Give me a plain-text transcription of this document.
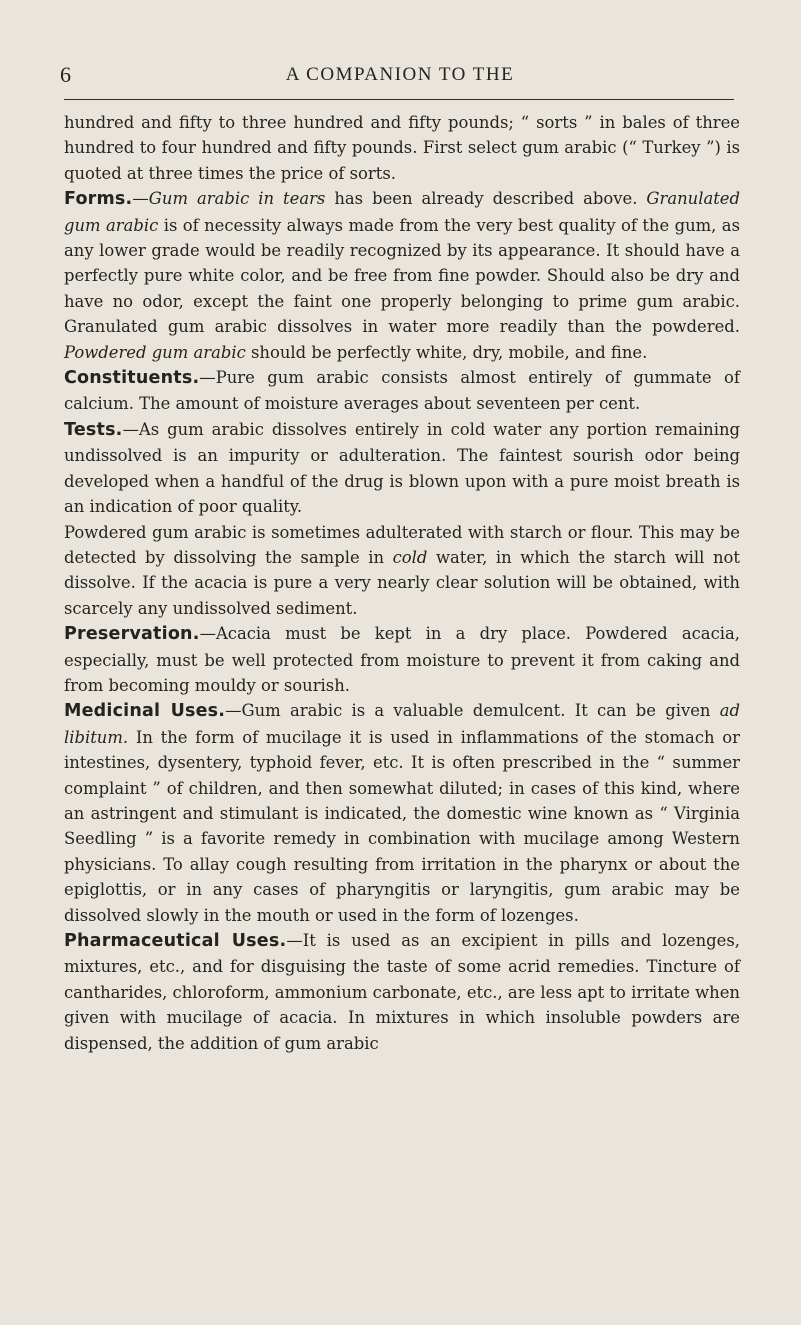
6	A COMPANION TO THE

hundred and fifty to three hundred and fifty pounds; “ sorts ” in bales of three hundred to four hundred and fifty pounds. First select gum arabic (“ Turkey ”) is quoted at three times the price of sorts.

Forms.—Gum arabic in tears has been already described above. Granulated gum arabic is of necessity always made from the very best quality of the gum, as any lower grade would be readily recognized by its appearance. It should have a perfectly pure white color, and be free from fine powder. Should also be dry and have no odor, except the faint one properly belonging to prime gum arabic. Granulated gum arabic dissolves in water more readily than the powdered. Powdered gum arabic should be perfectly white, dry, mobile, and fine.

Constituents.—Pure gum arabic consists almost entirely of gummate of calcium. The amount of moisture averages about seventeen per cent.

Tests.—As gum arabic dissolves entirely in cold water any portion remaining undissolved is an impurity or adulteration. The faintest sourish odor being developed when a handful of the drug is blown upon with a pure moist breath is an indication of poor quality.

Powdered gum arabic is sometimes adulterated with starch or flour. This may be detected by dissolving the sample in cold water, in which the starch will not dissolve. If the acacia is pure a very nearly clear solution will be obtained, with scarcely any undissolved sediment.

Preservation.—Acacia must be kept in a dry place. Powdered acacia, especially, must be well protected from moisture to prevent it from caking and from becoming mouldy or sourish.

Medicinal Uses.—Gum arabic is a valuable demulcent. It can be given ad libitum. In the form of mucilage it is used in inflammations of the stomach or intestines, dysentery, typhoid fever, etc. It is often prescribed in the “ summer complaint ” of children, and then somewhat diluted; in cases of this kind, where an astringent and stimulant is indicated, the domestic wine known as “ Virginia Seedling ” is a favorite remedy in combination with mucilage among Western physicians. To allay cough resulting from irritation in the pharynx or about the epiglottis, or in any cases of pharyngitis or laryngitis, gum arabic may be dissolved slowly in the mouth or used in the form of lozenges.

Pharmaceutical Uses.—It is used as an excipient in pills and lozenges, mixtures, etc., and for disguising the taste of some acrid remedies. Tincture of cantharides, chloroform, ammonium carbonate, etc., are less apt to irritate when given with mucilage of acacia. In mixtures in which insoluble powders are dispensed, the addition of gum arabic
